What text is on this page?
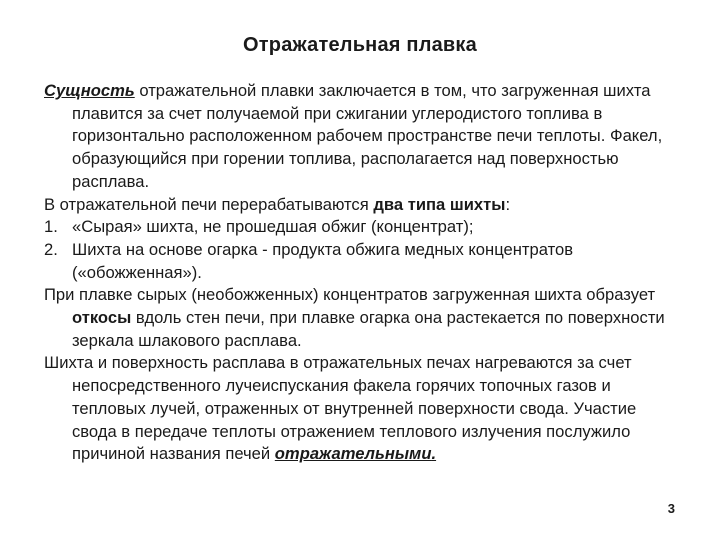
Отражательная плавка

Сущность отражательной плавки заключается в том, что загруженная шихта плавится за счет получаемой при сжигании углеродистого топлива в горизонтально расположенном рабочем пространстве печи теплоты. Факел, образующийся при горении топлива, располагается над поверхностью расплава.

В отражательной печи перерабатываются два типа шихты:

1. «Сырая» шихта, не прошедшая обжиг (концентрат);

2. Шихта на основе огарка - продукта обжига медных концентратов («обожженная»).

При плавке сырых (необожженных) концентратов загруженная шихта образует откосы вдоль стен печи, при плавке огарка она растекается по поверхности зеркала шлакового расплава.

Шихта и поверхность расплава в отражательных печах нагреваются за счет непосредственного лучеиспускания факела горячих топочных газов и тепловых лучей, отраженных от внутренней поверхности свода. Участие свода в передаче теплоты отражением теплового излучения послужило причиной названия печей отражательными.

3
